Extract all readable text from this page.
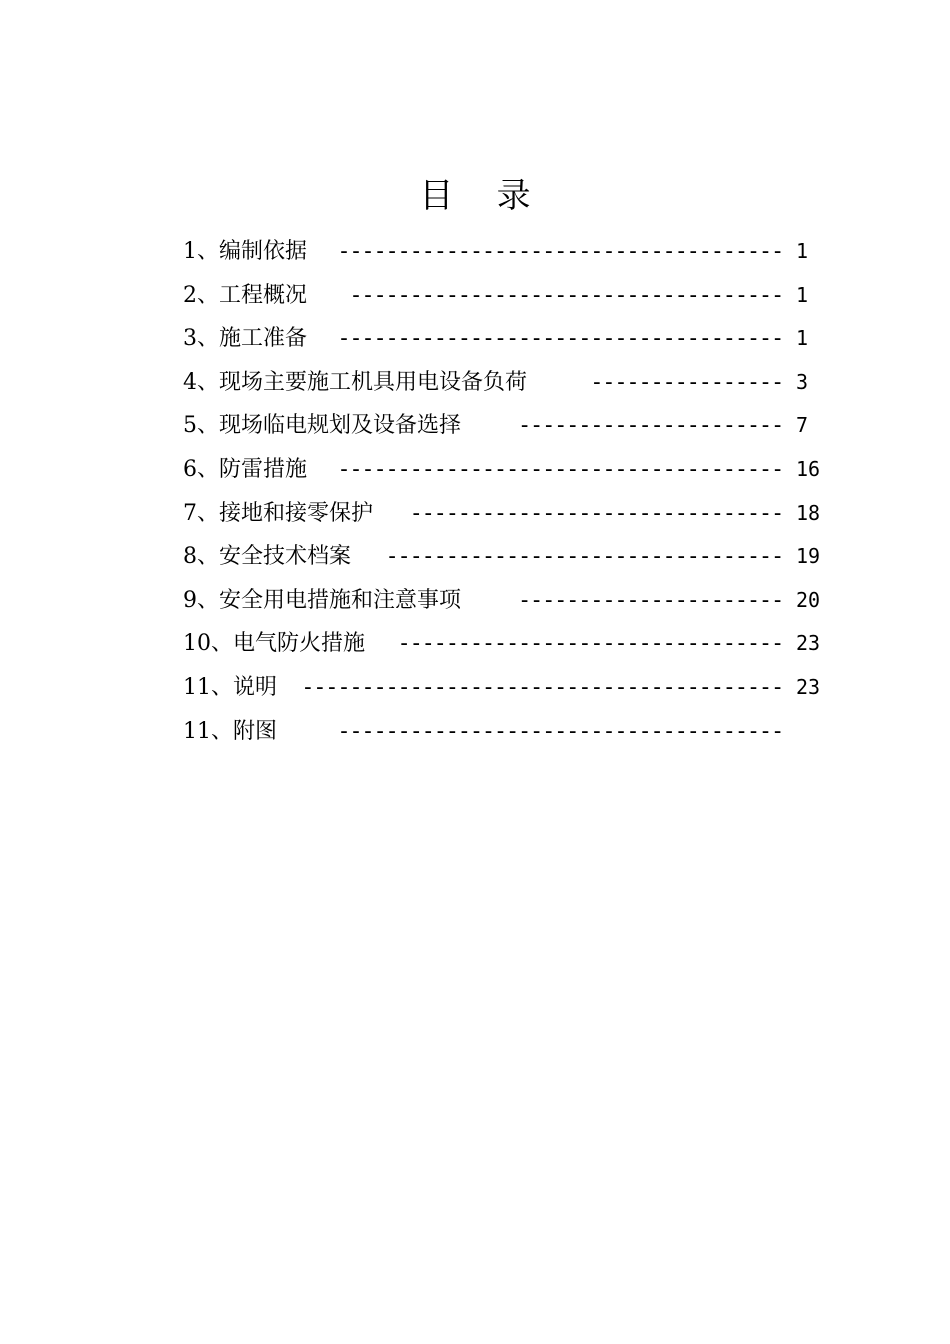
目    录
1、编制依据 ------------------------------------- 1
2、工程概况 ------------------------------------ 1
3、施工准备 ------------------------------------- 1
4、现场主要施工机具用电设备负荷	---------------- 3
5、现场临电规划及设备选择	---------------------- 7
6、防雷措施 ------------------------------------- 16
7、接地和接零保护 ------------------------------- 18
8、安全技术档案 --------------------------------- 19
9、安全用电措施和注意事项	---------------------- 20
10、电气防火措施 -------------------------------- 23
11、说明 ---------------------------------------- 23
11、附图	-------------------------------------
